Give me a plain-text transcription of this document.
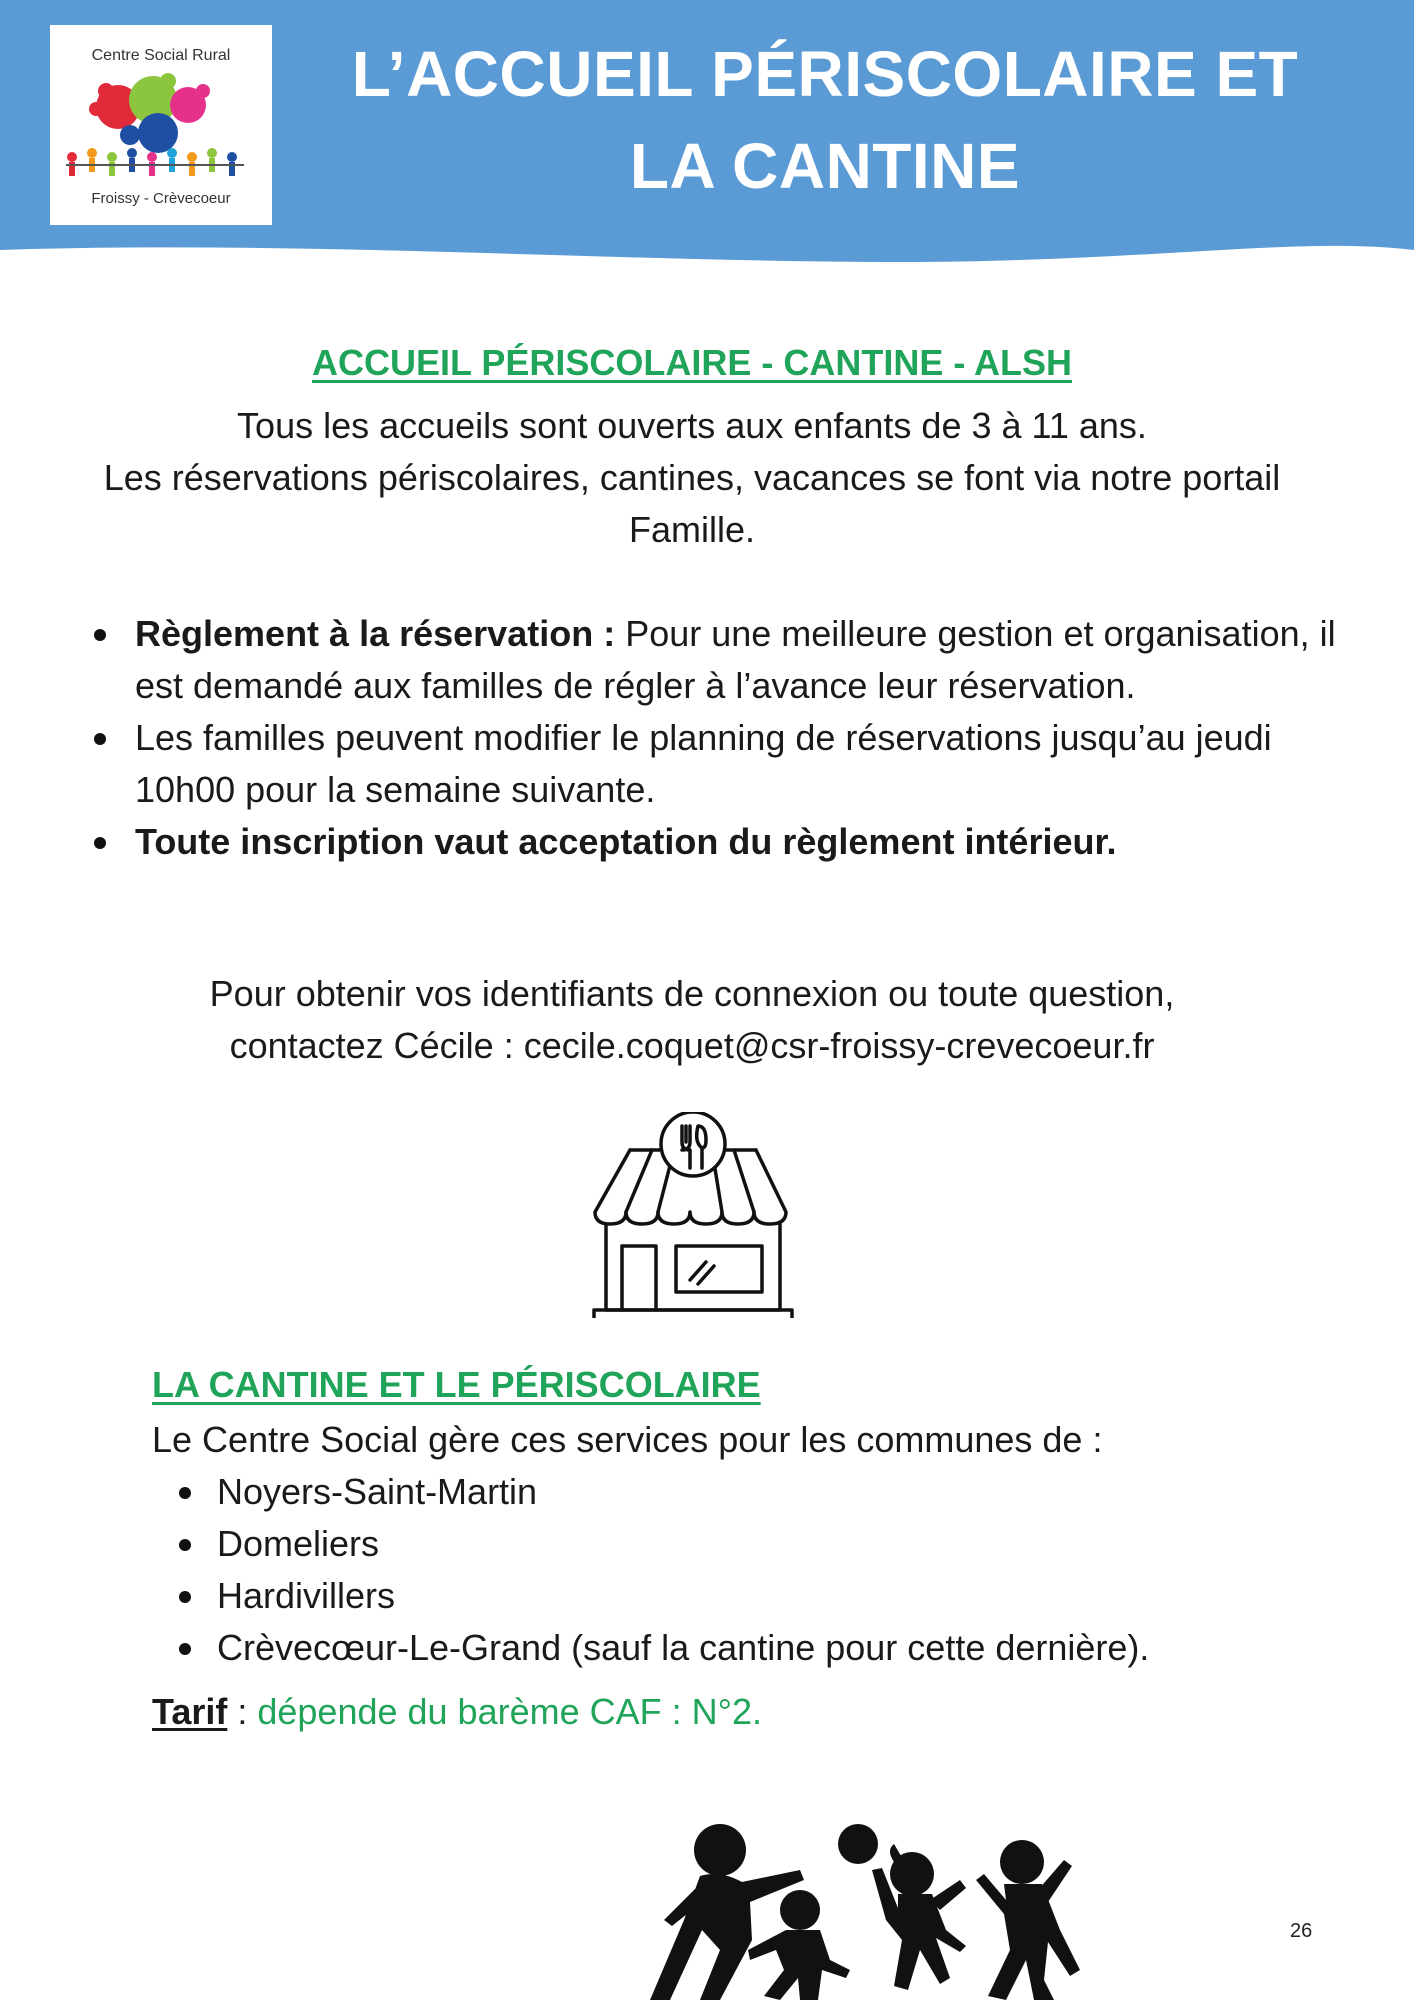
Centre Social Rural
Froissy - Crèvecoeur
L’ACCUEIL PÉRISCOLAIRE ET
LA CANTINE
ACCUEIL PÉRISCOLAIRE - CANTINE - ALSH
Tous les accueils sont ouverts aux enfants de 3 à 11 ans.
Les réservations périscolaires, cantines, vacances se font via notre portail Famille.
Règlement à la réservation : Pour une meilleure gestion et organisation, il est demandé aux familles de régler à l’avance leur réservation.
Les familles peuvent modifier le planning de réservations jusqu’au jeudi 10h00 pour la semaine suivante.
Toute inscription vaut acceptation du règlement intérieur.
Pour obtenir vos identifiants de connexion ou toute question,
contactez Cécile : cecile.coquet@csr-froissy-crevecoeur.fr
LA CANTINE ET LE PÉRISCOLAIRE
Le Centre Social gère ces services pour les communes de :
Noyers-Saint-Martin
Domeliers
Hardivillers
Crèvecœur-Le-Grand (sauf la cantine pour cette dernière).
Tarif : dépende du barème CAF : N°2.
26
